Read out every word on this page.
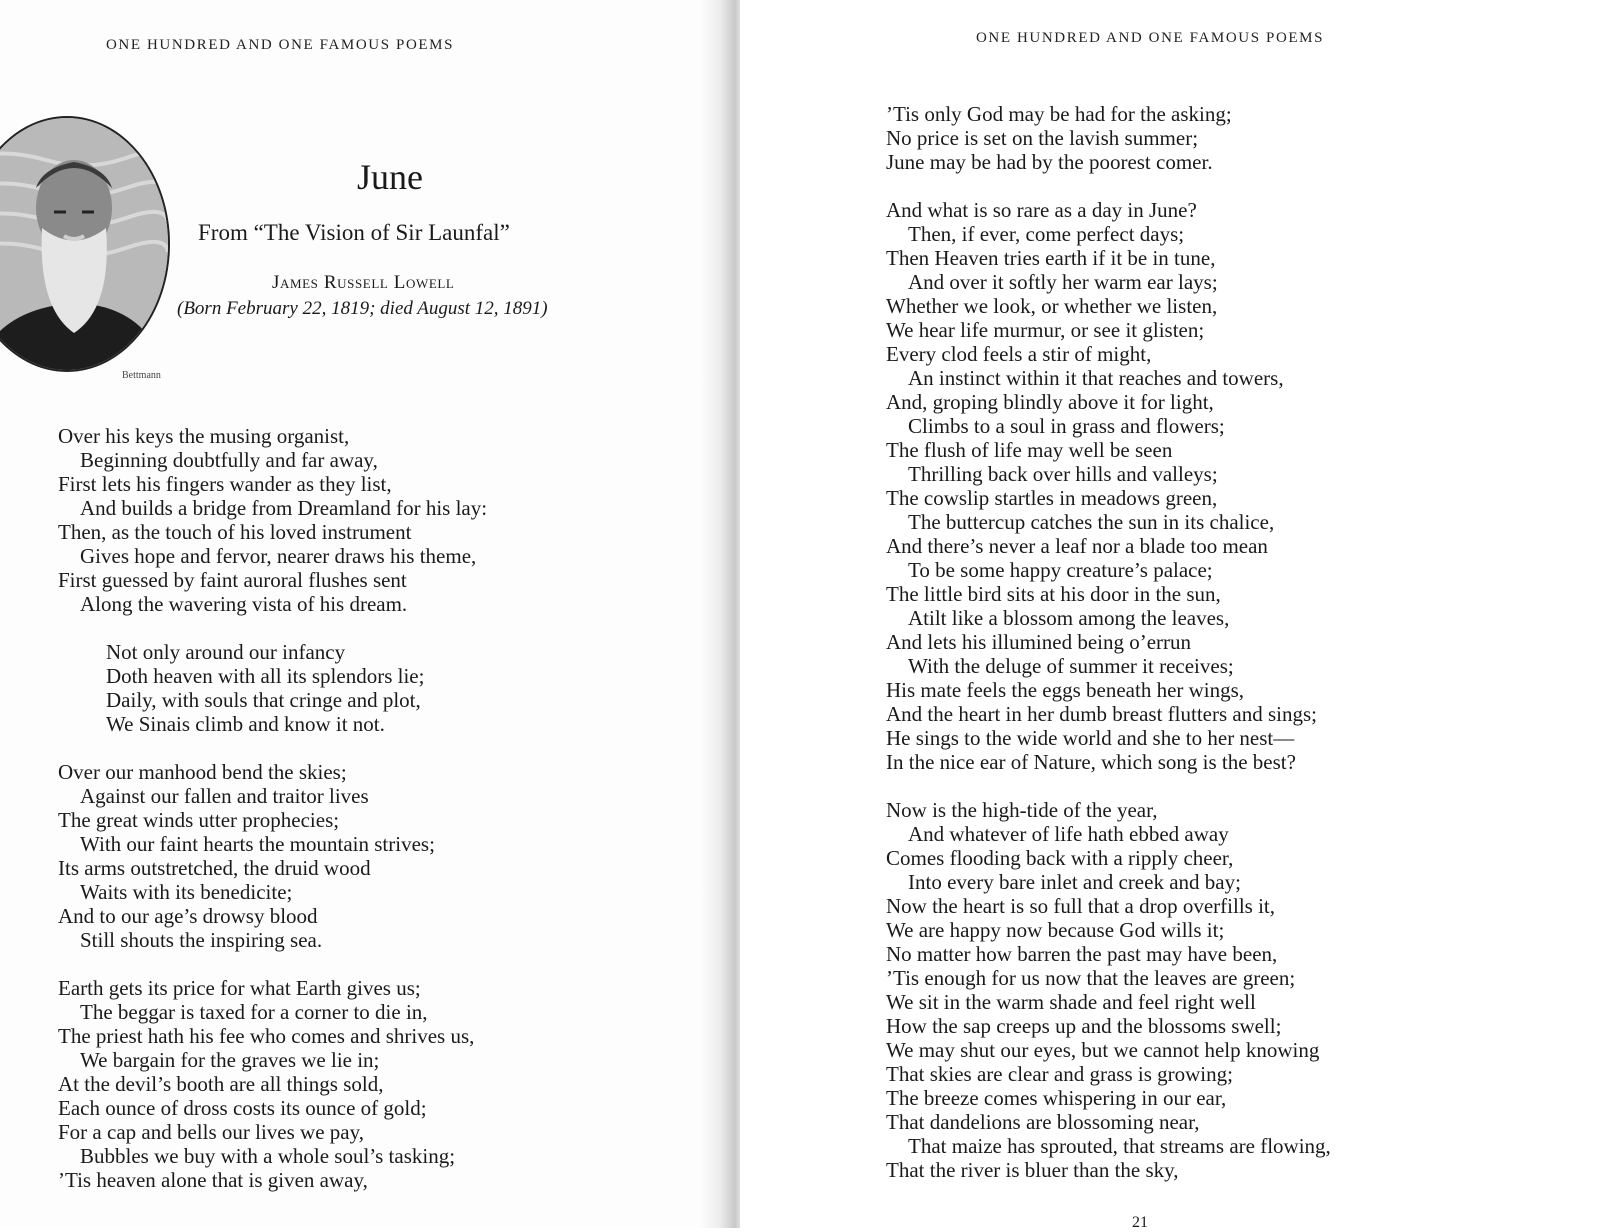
ONE HUNDRED AND ONE FAMOUS POEMS
Bettmann
June
From “The Vision of Sir Launfal”
James Russell Lowell
(Born February 22, 1819; died August 12, 1891)
Over his keys the musing organist,
Beginning doubtfully and far away,
First lets his fingers wander as they list,
And builds a bridge from Dreamland for his lay:
Then, as the touch of his loved instrument
Gives hope and fervor, nearer draws his theme,
First guessed by faint auroral flushes sent
Along the wavering vista of his dream.
Not only around our infancy
Doth heaven with all its splendors lie;
Daily, with souls that cringe and plot,
We Sinais climb and know it not.
Over our manhood bend the skies;
Against our fallen and traitor lives
The great winds utter prophecies;
With our faint hearts the mountain strives;
Its arms outstretched, the druid wood
Waits with its benedicite;
And to our age’s drowsy blood
Still shouts the inspiring sea.
Earth gets its price for what Earth gives us;
The beggar is taxed for a corner to die in,
The priest hath his fee who comes and shrives us,
We bargain for the graves we lie in;
At the devil’s booth are all things sold,
Each ounce of dross costs its ounce of gold;
For a cap and bells our lives we pay,
Bubbles we buy with a whole soul’s tasking;
’Tis heaven alone that is given away,
ONE HUNDRED AND ONE FAMOUS POEMS
’Tis only God may be had for the asking;
No price is set on the lavish summer;
June may be had by the poorest comer.
And what is so rare as a day in June?
Then, if ever, come perfect days;
Then Heaven tries earth if it be in tune,
And over it softly her warm ear lays;
Whether we look, or whether we listen,
We hear life murmur, or see it glisten;
Every clod feels a stir of might,
An instinct within it that reaches and towers,
And, groping blindly above it for light,
Climbs to a soul in grass and flowers;
The flush of life may well be seen
Thrilling back over hills and valleys;
The cowslip startles in meadows green,
The buttercup catches the sun in its chalice,
And there’s never a leaf nor a blade too mean
To be some happy creature’s palace;
The little bird sits at his door in the sun,
Atilt like a blossom among the leaves,
And lets his illumined being o’errun
With the deluge of summer it receives;
His mate feels the eggs beneath her wings,
And the heart in her dumb breast flutters and sings;
He sings to the wide world and she to her nest—
In the nice ear of Nature, which song is the best?
Now is the high-tide of the year,
And whatever of life hath ebbed away
Comes flooding back with a ripply cheer,
Into every bare inlet and creek and bay;
Now the heart is so full that a drop overfills it,
We are happy now because God wills it;
No matter how barren the past may have been,
’Tis enough for us now that the leaves are green;
We sit in the warm shade and feel right well
How the sap creeps up and the blossoms swell;
We may shut our eyes, but we cannot help knowing
That skies are clear and grass is growing;
The breeze comes whispering in our ear,
That dandelions are blossoming near,
That maize has sprouted, that streams are flowing,
That the river is bluer than the sky,
21
